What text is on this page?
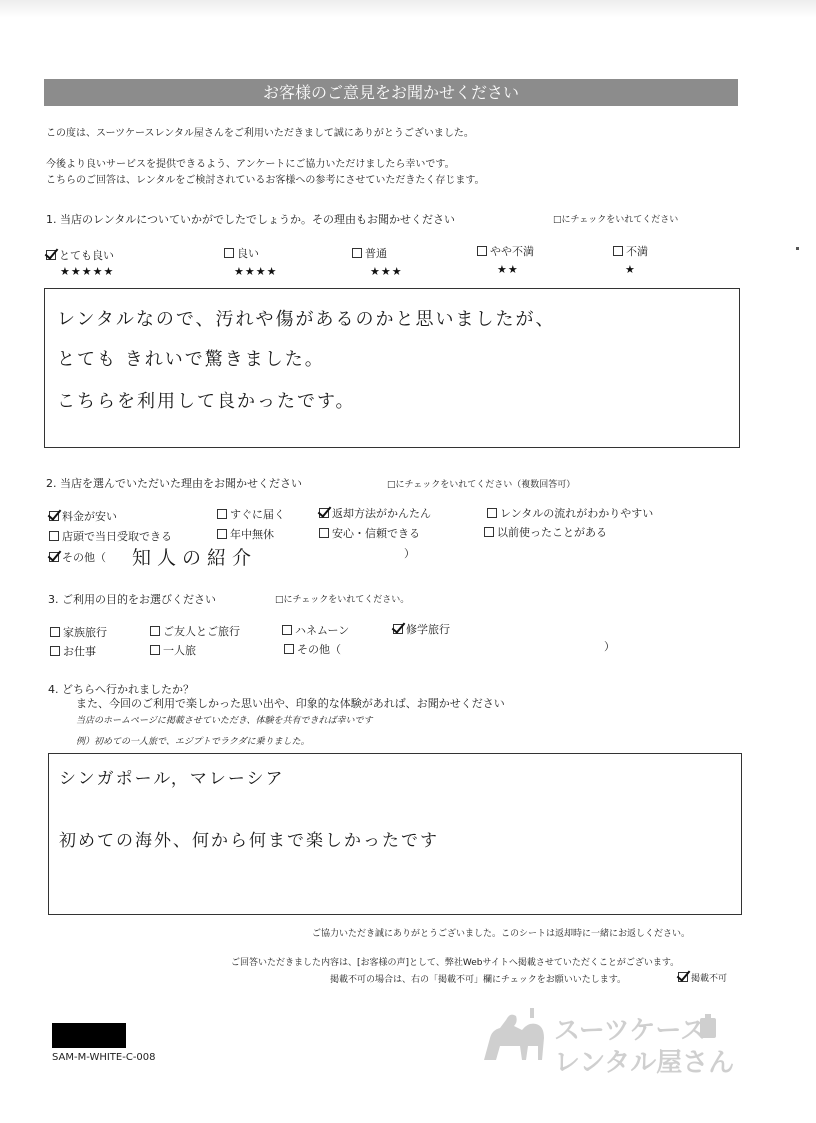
お客様のご意見をお聞かせください
この度は、スーツケースレンタル屋さんをご利用いただきまして誠にありがとうございました。
今後より良いサービスを提供できるよう、アンケートにご協力いただけましたら幸いです。
こちらのご回答は、レンタルをご検討されているお客様への参考にさせていただきたく存じます。
1. 当店のレンタルについていかがでしたでしょうか。その理由もお聞かせください	□にチェックをいれてください
とても良い
★★★★★
良い
★★★★
普通
★★★
やや不満
★★
不満
★
レンタルなので、汚れや傷があるのかと思いましたが、
とても きれいで驚きました。
こちらを利用して良かったです。
2. 当店を選んでいただいた理由をお聞かせください	□にチェックをいれてください（複数回答可）
料金が安い	すぐに届く	返却方法がかんたん	レンタルの流れがわかりやすい
店頭で当日受取できる	年中無休	安心・信頼できる	以前使ったことがある
その他（ 知人の紹介	）
3. ご利用の目的をお選びください	□にチェックをいれてください。
家族旅行	ご友人とご旅行	ハネムーン	修学旅行
お仕事	一人旅	その他（	）
4. どちらへ行かれましたか？
また、今回のご利用で楽しかった思い出や、印象的な体験があれば、お聞かせください
当店のホームページに掲載させていただき、体験を共有できれば幸いです
例）初めての一人旅で、エジプトでラクダに乗りました。
シンガポール，マレーシア
初めての海外、何から何まで楽しかったです
ご協力いただき誠にありがとうございました。このシートは返却時に一緒にお返しください。
ご回答いただきました内容は、[お客様の声]として、弊社Webサイトへ掲載させていただくことがございます。
掲載不可の場合は、右の「掲載不可」欄にチェックをお願いいたします。	掲載不可
SAM-M-WHITE-C-008
スーツケース
レンタル屋さん
